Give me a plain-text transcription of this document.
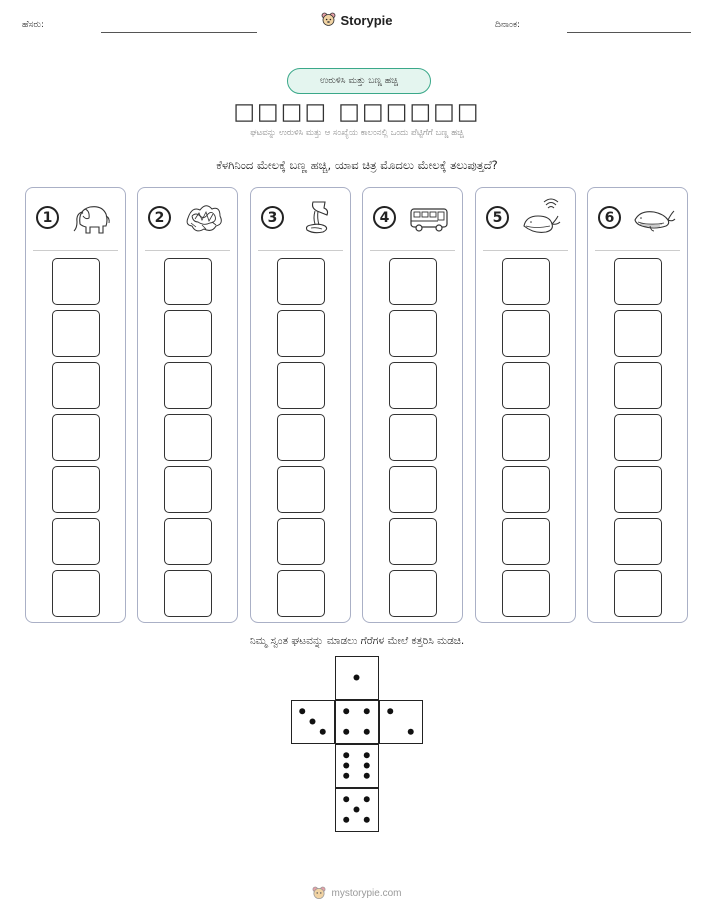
ಹೆಸರು:	Storypie	ದಿನಾಂಕ:
ಉರುಳಿಸಿ ಮತ್ತು ಬಣ್ಣ ಹಚ್ಚಿ
□□□□ □□□□□□
ಘಟವನ್ನು ಉರುಳಿಸಿ ಮತ್ತು ಆ ಸಂಖ್ಯೆಯ ಕಾಲಂನಲ್ಲಿ ಒಂದು ಪೆಟ್ಟಿಗೆಗೆ ಬಣ್ಣ ಹಚ್ಚಿ
ಕೆಳಗಿನಿಂದ ಮೇಲಕ್ಕೆ ಬಣ್ಣ ಹಚ್ಚಿ, ಯಾವ ಚಿತ್ರ ಮೊದಲು ಮೇಲಕ್ಕೆ ತಲುಪುತ್ತದೆ?
1	2	3	4	5	6
ನಿಮ್ಮ ಸ್ವಂತ ಘಟವನ್ನು ಮಾಡಲು ಗೆರೆಗಳ ಮೇಲೆ ಕತ್ತರಿಸಿ ಮಡಚಿ.
mystorypie.com
